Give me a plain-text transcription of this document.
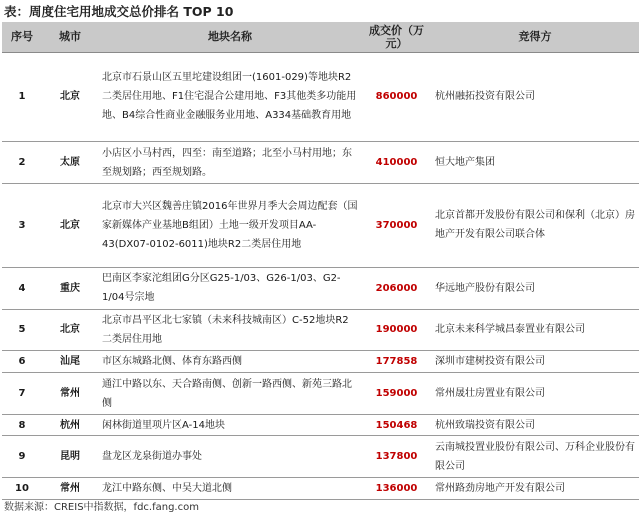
表：周度住宅用地成交总价排名 TOP 10
序号	城市	地块名称	成交价（万元）	竞得方
1	北京	北京市石景山区五里坨建设组团一(1601-029)等地块R2二类居住用地、F1住宅混合公建用地、F3其他类多功能用地、B4综合性商业金融服务业用地、A334基础教育用地	860000	杭州融拓投资有限公司
2	太原	小店区小马村西，四至：南至道路；北至小马村用地；东至规划路；西至规划路。	410000	恒大地产集团
3	北京	北京市大兴区魏善庄镇2016年世界月季大会周边配套（国家新媒体产业基地B组团）土地一级开发项目AA-43(DX07-0102-6011)地块R2二类居住用地	370000	北京首都开发股份有限公司和保利（北京）房地产开发有限公司联合体
4	重庆	巴南区李家沱组团G分区G25-1/03、G26-1/03、G2-1/04号宗地	206000	华远地产股份有限公司
5	北京	北京市昌平区北七家镇（未来科技城南区）C-52地块R2二类居住用地	190000	北京未来科学城昌泰置业有限公司
6	汕尾	市区东城路北侧、体育东路西侧	177858	深圳市建树投资有限公司
7	常州	通江中路以东、天合路南侧、创新一路西侧、新苑三路北侧	159000	常州晟壮房置业有限公司
8	杭州	闲林街道里项片区A-14地块	150468	杭州致瑞投资有限公司
9	昆明	盘龙区龙泉街道办事处	137800	云南城投置业股份有限公司、万科企业股份有限公司
10	常州	龙江中路东侧、中吴大道北侧	136000	常州路劲房地产开发有限公司
数据来源：CREIS中指数据，fdc.fang.com
